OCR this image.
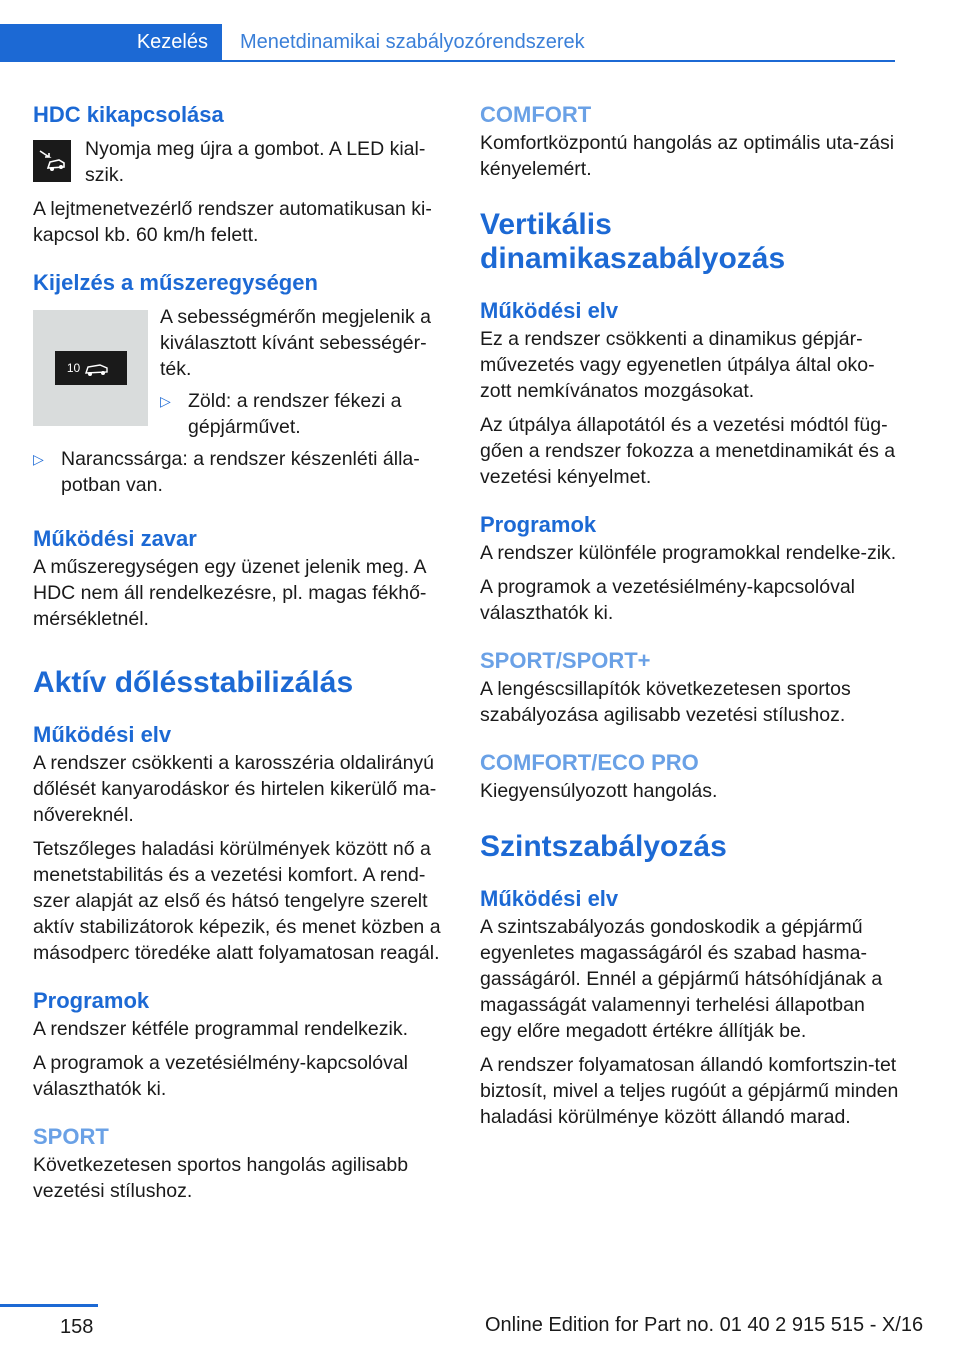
Kezelés	Menetdinamikai szabályozórendszerek
HDC kikapcsolása

Nyomja meg újra a gombot. A LED kial-szik.

A lejtmenetvezérlő rendszer automatikusan ki-kapcsol kb. 60 km/h felett.

Kijelzés a műszeregységen
10

A sebességmérőn megjelenik a kiválasztott kívánt sebességér-ték.

▷ Zöld: a rendszer fékezi a gépjárművet.
▷ Narancssárga: a rendszer készenléti álla-potban van.
Működési zavar

A műszeregységen egy üzenet jelenik meg. A HDC nem áll rendelkezésre, pl. magas fékhő-mérsékletnél.

Aktív dőlésstabilizálás
Működési elv

A rendszer csökkenti a karosszéria oldalirányú dőlését kanyarodáskor és hirtelen kikerülő ma-nővereknél.

Tetszőleges haladási körülmények között nő a menetstabilitás és a vezetési komfort. A rend-szer alapját az első és hátsó tengelyre szerelt aktív stabilizátorok képezik, és menet közben a másodperc töredéke alatt folyamatosan reagál.

Programok

A rendszer kétféle programmal rendelkezik.

A programok a vezetésiélmény-kapcsolóval választhatók ki.

SPORT

Következetesen sportos hangolás agilisabb vezetési stílushoz.

COMFORT

Komfortközpontú hangolás az optimális uta-zási kényelemért.

Vertikális dinamikaszabályozás
Működési elv

Ez a rendszer csökkenti a dinamikus gépjár-művezetés vagy egyenetlen útpálya által oko-zott nemkívánatos mozgásokat.

Az útpálya állapotától és a vezetési módtól füg-gően a rendszer fokozza a menetdinamikát és a vezetési kényelmet.

Programok

A rendszer különféle programokkal rendelke-zik.

A programok a vezetésiélmény-kapcsolóval választhatók ki.

SPORT/SPORT+

A lengéscsillapítók következetesen sportos szabályozása agilisabb vezetési stílushoz.

COMFORT/ECO PRO

Kiegyensúlyozott hangolás.

Szintszabályozás
Működési elv

A szintszabályozás gondoskodik a gépjármű egyenletes magasságáról és szabad hasma-gasságáról. Ennél a gépjármű hátsóhídjának a magasságát valamennyi terhelési állapotban egy előre megadott értékre állítják be.

A rendszer folyamatosan állandó komfortszin-tet biztosít, mivel a teljes rugóút a gépjármű minden haladási körülménye között állandó marad.

158	Online Edition for Part no. 01 40 2 915 515 - X/16
